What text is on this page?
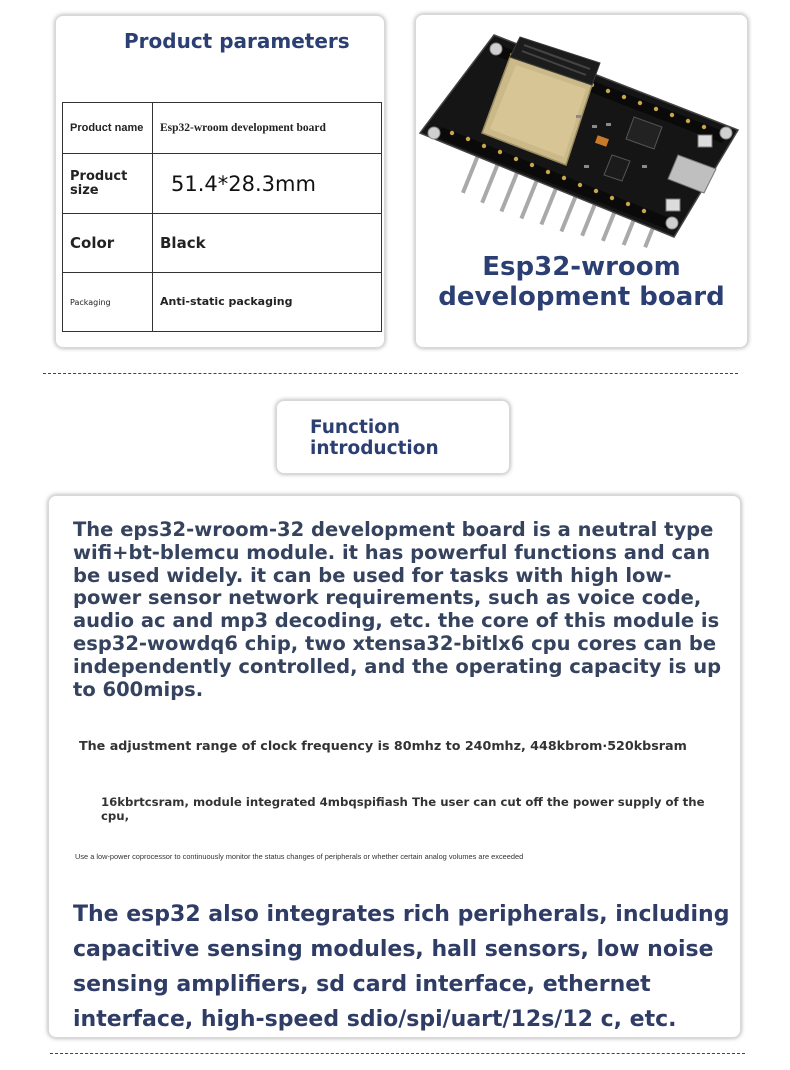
Product parameters
Product name	Esp32-wroom development board
Product size	51.4*28.3mm
Color	Black
Packaging	Anti-static packaging

Esp32-wroom development board

Function introduction

The eps32-wroom-32 development board is a neutral type wifi+bt-blemcu module. it has powerful functions and can be used widely. it can be used for tasks with high low-power sensor network requirements, such as voice code, audio ac and mp3 decoding, etc. the core of this module is esp32-wowdq6 chip, two xtensa32-bitlx6 cpu cores can be independently controlled, and the operating capacity is up to 600mips.

The adjustment range of clock frequency is 80mhz to 240mhz, 448kbrom·520kbsram

16kbrtcsram, module integrated 4mbqspifiash The user can cut off the power supply of the cpu,

Use a low-power coprocessor to continuously monitor the status changes of peripherals or whether certain analog volumes are exceeded

The esp32 also integrates rich peripherals, including capacitive sensing modules, hall sensors, low noise sensing amplifiers, sd card interface, ethernet interface, high-speed sdio/spi/uart/12s/12 c, etc.
